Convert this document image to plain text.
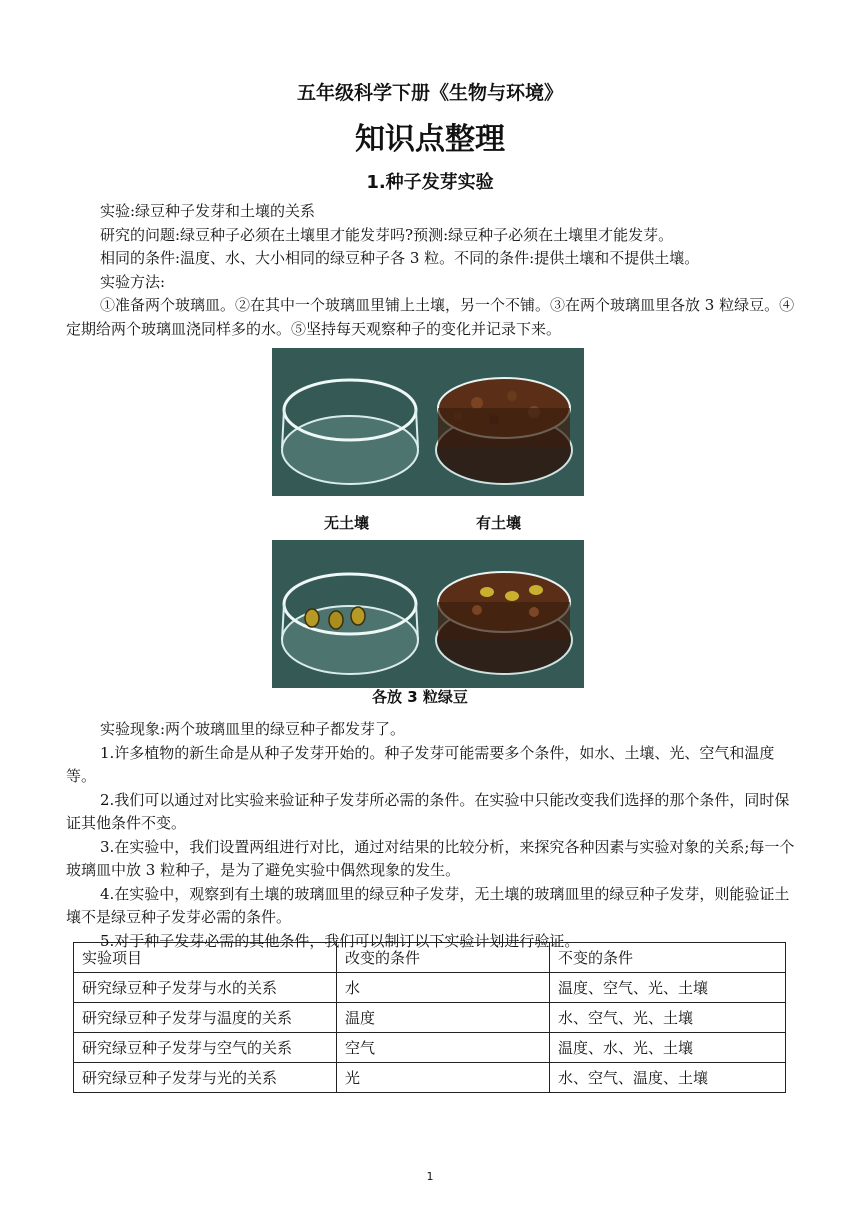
五年级科学下册《生物与环境》
知识点整理
1.种子发芽实验

实验:绿豆种子发芽和土壤的关系

研究的问题:绿豆种子必须在土壤里才能发芽吗?预测:绿豆种子必须在土壤里才能发芽。

相同的条件:温度、水、大小相同的绿豆种子各 3 粒。不同的条件:提供土壤和不提供土壤。

实验方法:

①准备两个玻璃皿。②在其中一个玻璃皿里铺上土壤，另一个不铺。③在两个玻璃皿里各放 3 粒绿豆。④定期给两个玻璃皿浇同样多的水。⑤坚持每天观察种子的变化并记录下来。

无土壤	有土壤
各放 3 粒绿豆

实验现象:两个玻璃皿里的绿豆种子都发芽了。

1.许多植物的新生命是从种子发芽开始的。种子发芽可能需要多个条件，如水、土壤、光、空气和温度等。

2.我们可以通过对比实验来验证种子发芽所必需的条件。在实验中只能改变我们选择的那个条件，同时保证其他条件不变。

3.在实验中，我们设置两组进行对比，通过对结果的比较分析，来探究各种因素与实验对象的关系;每一个玻璃皿中放 3 粒种子，是为了避免实验中偶然现象的发生。

4.在实验中，观察到有土壤的玻璃皿里的绿豆种子发芽，无土壤的玻璃皿里的绿豆种子发芽，则能验证土壤不是绿豆种子发芽必需的条件。

5.对于种子发芽必需的其他条件，我们可以制订以下实验计划进行验证。

实验项目	改变的条件	不变的条件
研究绿豆种子发芽与水的关系	水	温度、空气、光、土壤
研究绿豆种子发芽与温度的关系	温度	水、空气、光、土壤
研究绿豆种子发芽与空气的关系	空气	温度、水、光、土壤
研究绿豆种子发芽与光的关系	光	水、空气、温度、土壤
1
